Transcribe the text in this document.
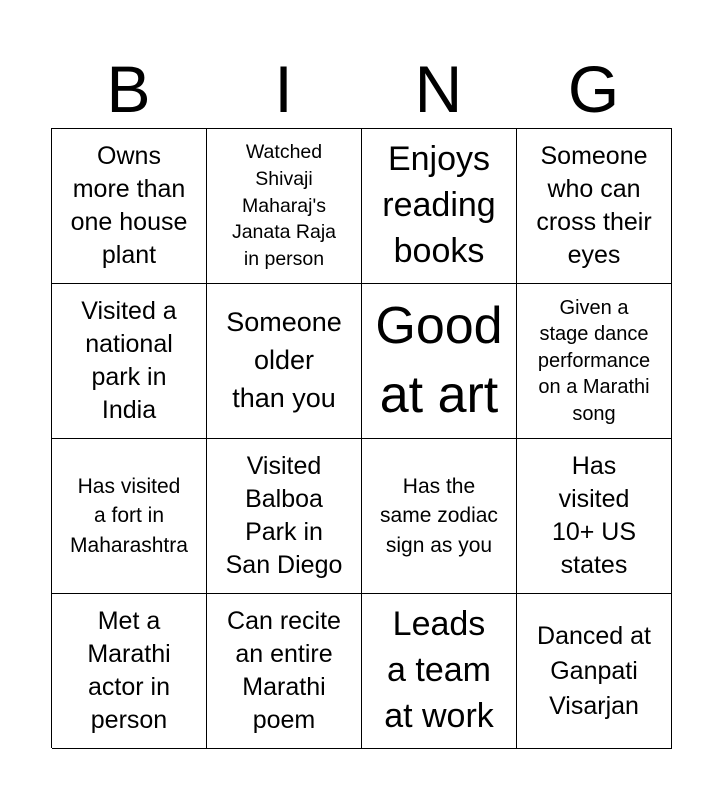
B	I	N	G
Owns
more than
one house
plant
Watched
Shivaji
Maharaj's
Janata Raja
in person
Enjoys
reading
books
Someone
who can
cross their
eyes
Visited a
national
park in
India
Someone
older
than you
Good
at art
Given a
stage dance
performance
on a Marathi
song
Has visited
a fort in
Maharashtra
Visited
Balboa
Park in
San Diego
Has the
same zodiac
sign as you
Has
visited
10+ US
states
Met a
Marathi
actor in
person
Can recite
an entire
Marathi
poem
Leads
a team
at work
Danced at
Ganpati
Visarjan
